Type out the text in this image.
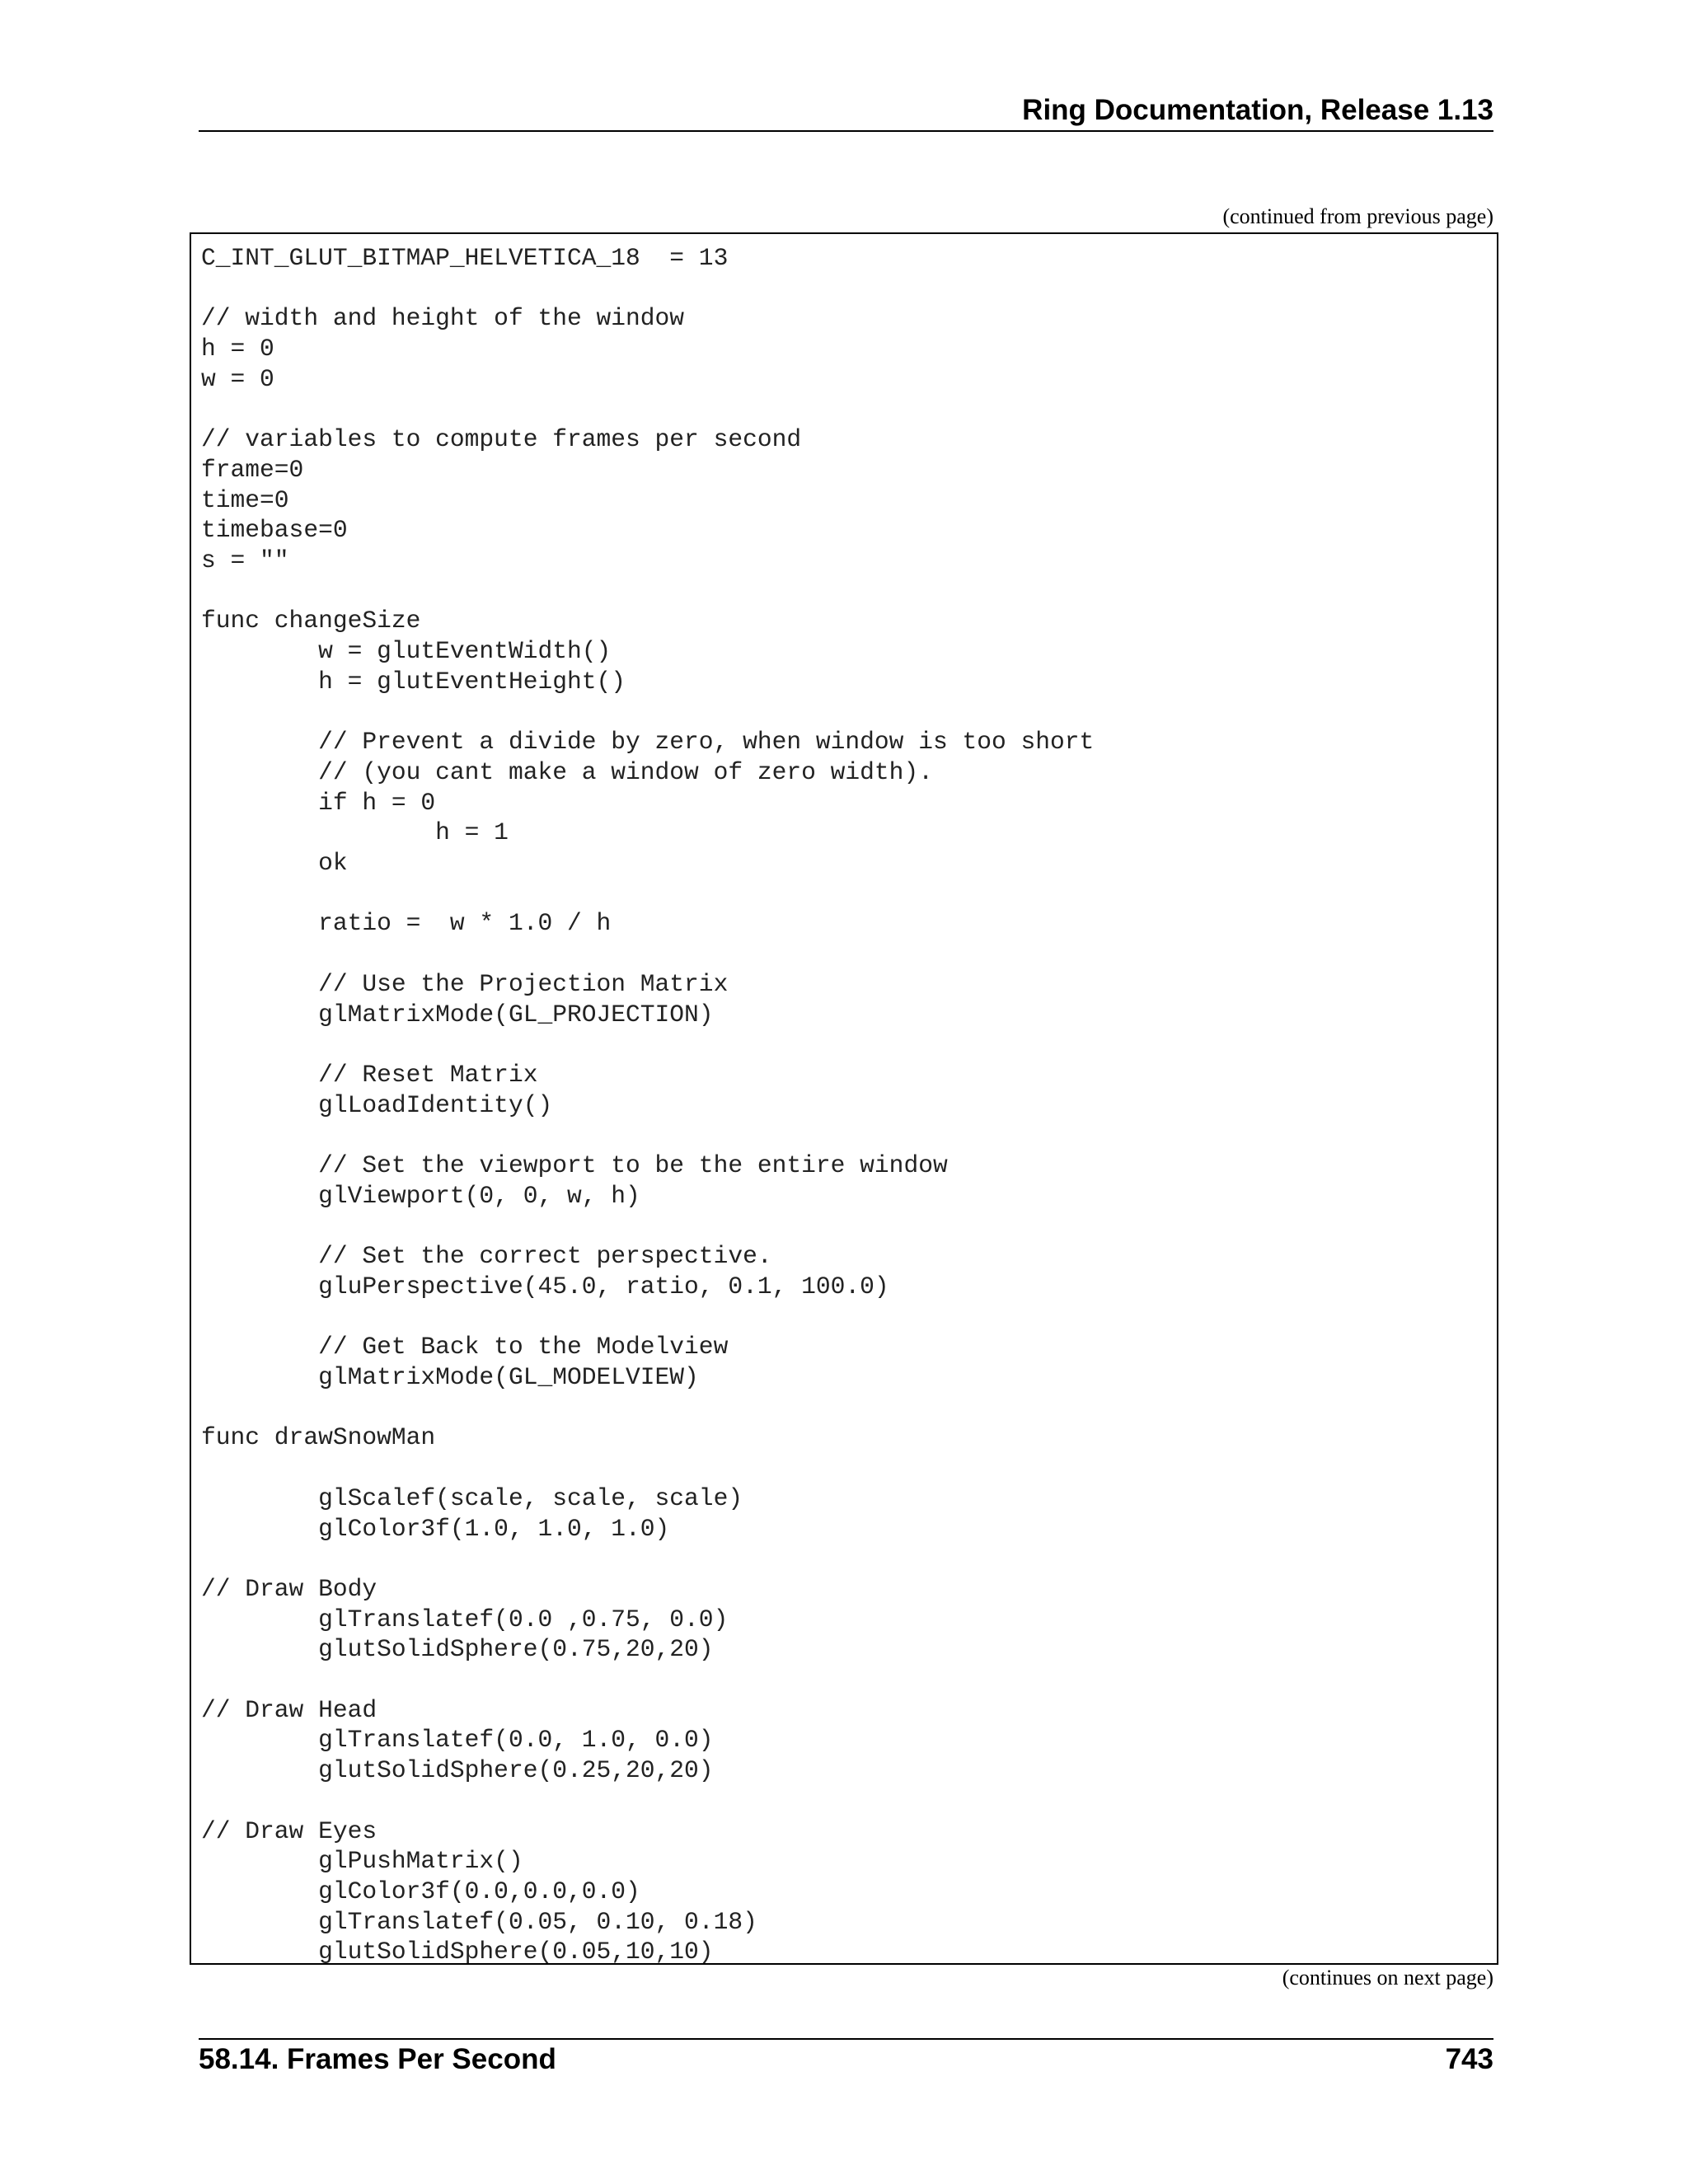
Ring Documentation, Release 1.13
(continued from previous page)
C_INT_GLUT_BITMAP_HELVETICA_18  = 13

// width and height of the window
h = 0
w = 0

// variables to compute frames per second
frame=0
time=0
timebase=0
s = ""

func changeSize
w = glutEventWidth()
h = glutEventHeight()

// Prevent a divide by zero, when window is too short
// (you cant make a window of zero width).
if h = 0
h = 1
ok

ratio =  w * 1.0 / h

// Use the Projection Matrix
glMatrixMode(GL_PROJECTION)

// Reset Matrix
glLoadIdentity()

// Set the viewport to be the entire window
glViewport(0, 0, w, h)

// Set the correct perspective.
gluPerspective(45.0, ratio, 0.1, 100.0)

// Get Back to the Modelview
glMatrixMode(GL_MODELVIEW)

func drawSnowMan

glScalef(scale, scale, scale)
glColor3f(1.0, 1.0, 1.0)

// Draw Body
glTranslatef(0.0 ,0.75, 0.0)
glutSolidSphere(0.75,20,20)

// Draw Head
glTranslatef(0.0, 1.0, 0.0)
glutSolidSphere(0.25,20,20)

// Draw Eyes
glPushMatrix()
glColor3f(0.0,0.0,0.0)
glTranslatef(0.05, 0.10, 0.18)
glutSolidSphere(0.05,10,10)
(continues on next page)
58.14. Frames Per Second	743
